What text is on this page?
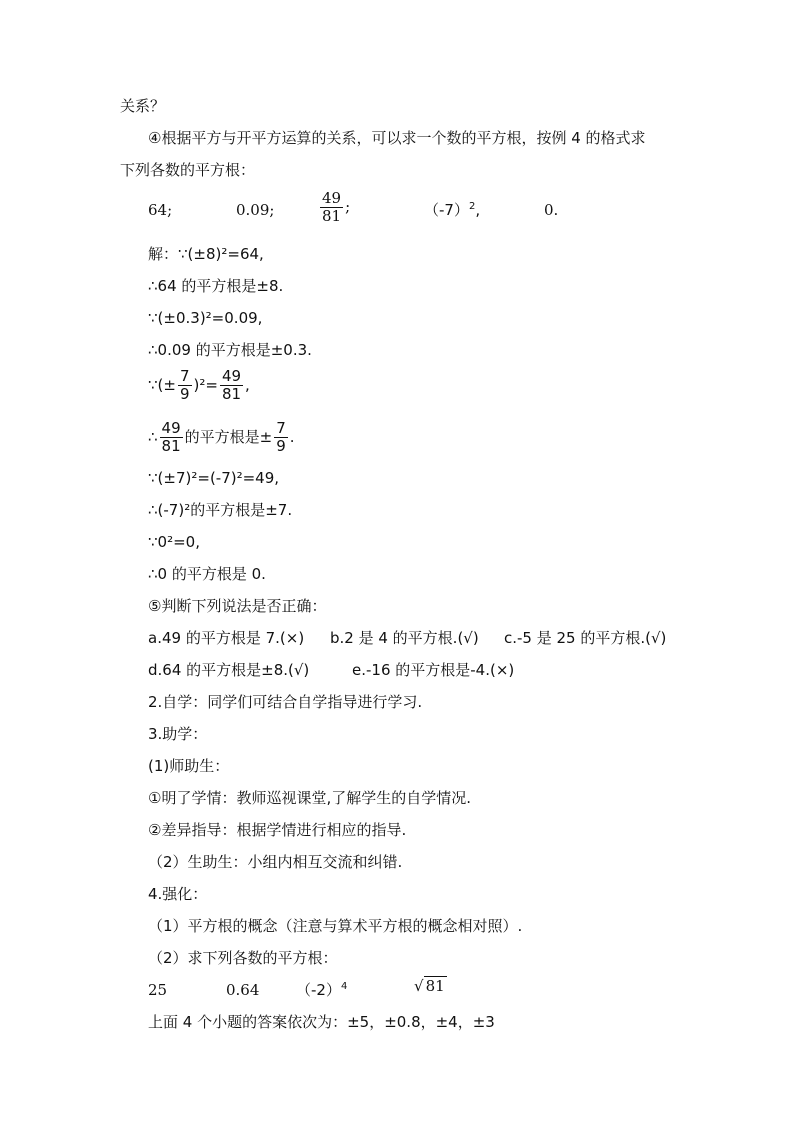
关系？
④根据平方与开平方运算的关系，可以求一个数的平方根，按例 4 的格式求
下列各数的平方根：
64;	0.09;	$\frac{49}{81}$ ;	$(-7)^2$,	0.
解：∵(±8)²=64,
∴64 的平方根是±8.
∵(±0.3)²=0.09,
∴0.09 的平方根是±0.3.
∵(± $\frac{7}{9} )^2= \frac{49}{81}$ ,
∴ $\frac{49}{81}$ 的平方根是± $\frac{7}{9}$ .
∵(±7)²=(-7)²=49,
∴(-7)²的平方根是±7.
∵0²=0,
∴0 的平方根是 0.
⑤判断下列说法是否正确：
a.49 的平方根是 7.(×) b.2 是 4 的平方根.(√) c.-5 是 25 的平方根.(√)
d.64 的平方根是±8.(√)	e.-16 的平方根是-4.(×)
2.自学：同学们可结合自学指导进行学习.
3.助学：
(1)师助生：
①明了学情：教师巡视课堂,了解学生的自学情况.
②差异指导：根据学情进行相应的指导.
（2）生助生：小组内相互交流和纠错.
4.强化：
（1）平方根的概念（注意与算术平方根的概念相对照）.
（2）求下列各数的平方根：
25	0.64 $(-2)^4$	√ 81
上面 4 个小题的答案依次为：±5，±0.8，±4，±3
